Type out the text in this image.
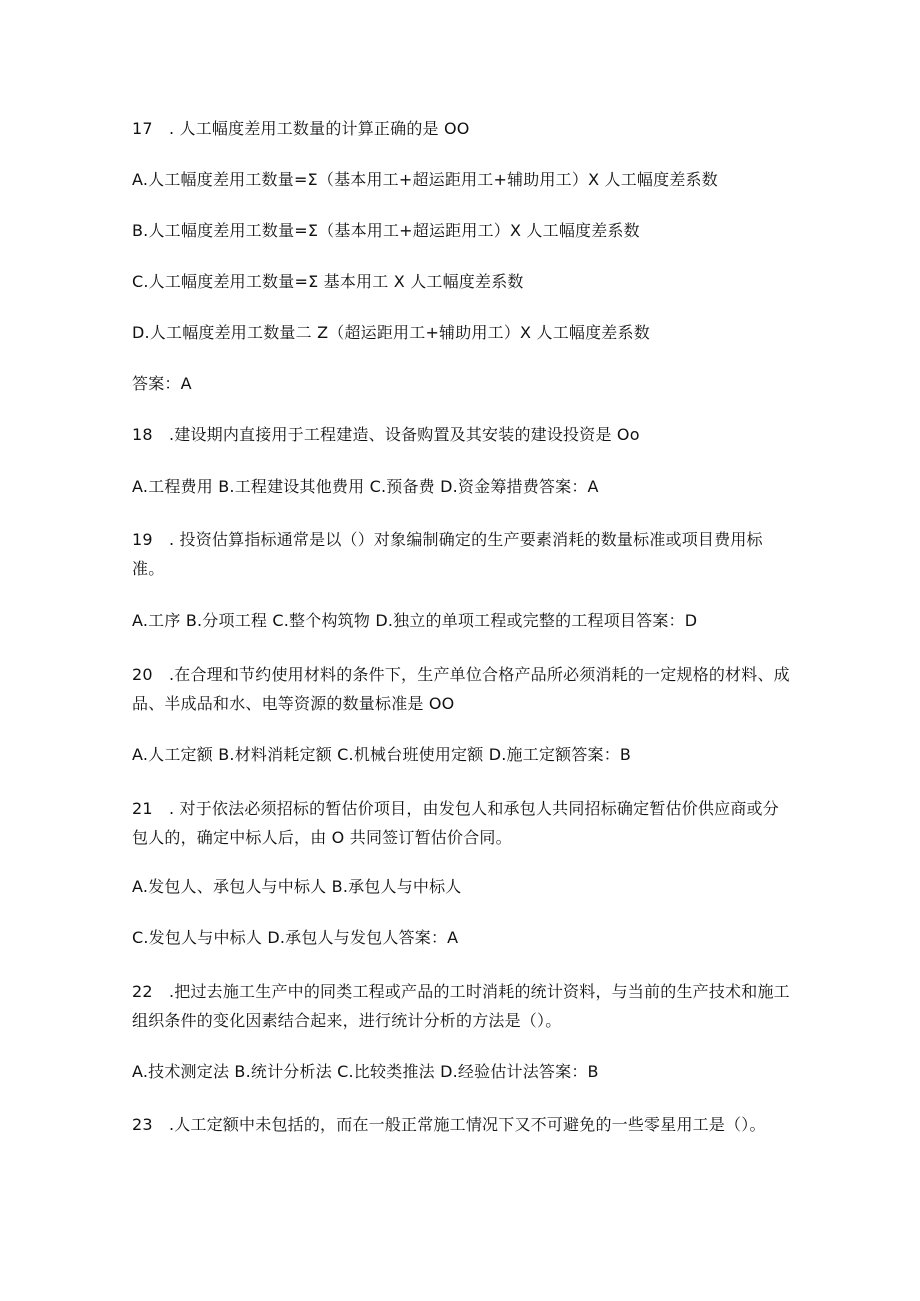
17　. 人工幅度差用工数量的计算正确的是 OO
A.人工幅度差用工数量=Σ（基本用工+超运距用工+辅助用工）X 人工幅度差系数
B.人工幅度差用工数量=Σ（基本用工+超运距用工）X 人工幅度差系数
C.人工幅度差用工数量=Σ 基本用工 X 人工幅度差系数
D.人工幅度差用工数量二 Z（超运距用工+辅助用工）X 人工幅度差系数
答案：A
18　.建设期内直接用于工程建造、设备购置及其安装的建设投资是 Oo
A.工程费用 B.工程建设其他费用 C.预备费 D.资金筹措费答案：A
19　. 投资估算指标通常是以（）对象编制确定的生产要素消耗的数量标准或项目费用标准。
A.工序 B.分项工程 C.整个构筑物 D.独立的单项工程或完整的工程项目答案：D
20　.在合理和节约使用材料的条件下，生产单位合格产品所必须消耗的一定规格的材料、成品、半成品和水、电等资源的数量标准是 OO
A.人工定额 B.材料消耗定额 C.机械台班使用定额 D.施工定额答案：B
21　. 对于依法必须招标的暂估价项目，由发包人和承包人共同招标确定暂估价供应商或分包人的，确定中标人后，由 O 共同签订暂估价合同。
A.发包人、承包人与中标人 B.承包人与中标人
C.发包人与中标人 D.承包人与发包人答案：A
22　.把过去施工生产中的同类工程或产品的工时消耗的统计资料，与当前的生产技术和施工组织条件的变化因素结合起来，进行统计分析的方法是（）。
A.技术测定法 B.统计分析法 C.比较类推法 D.经验估计法答案：B
23　.人工定额中未包括的，而在一般正常施工情况下又不可避免的一些零星用工是（）。
